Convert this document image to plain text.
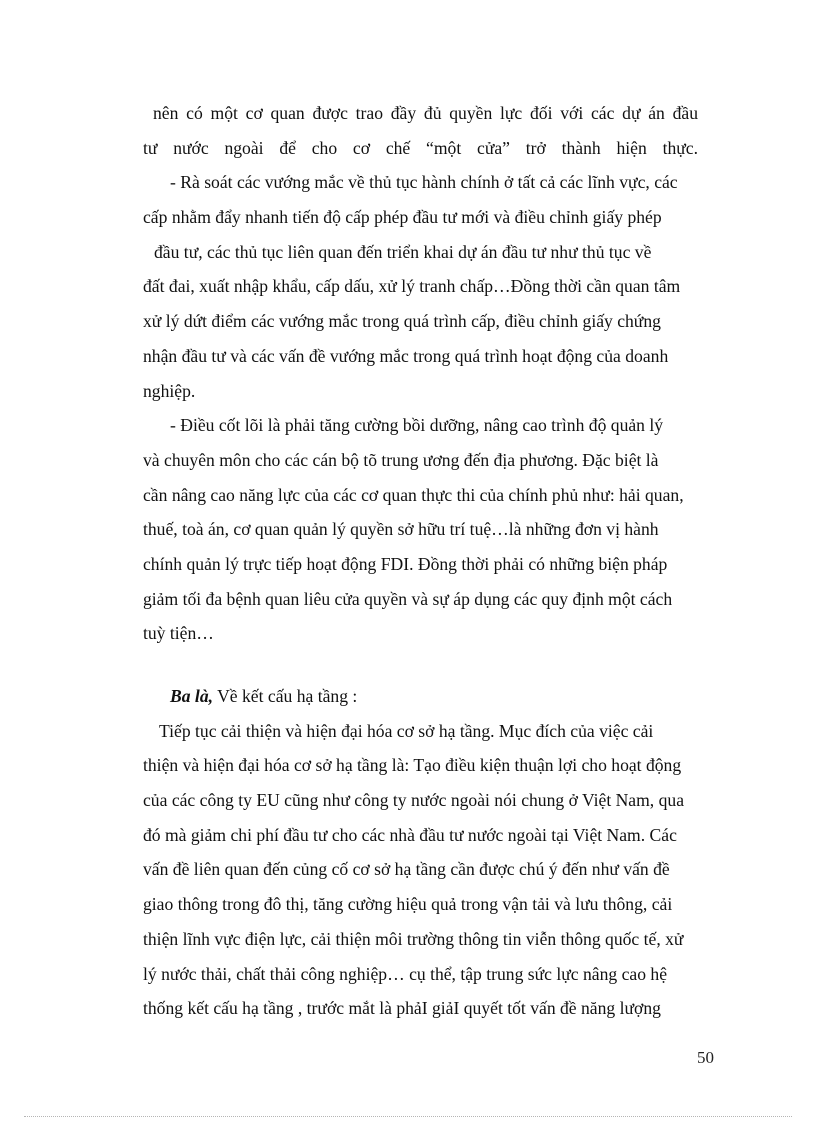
nên có một cơ quan được trao đầy đủ quyền lực đối với các dự án đầu
tư nước ngoài để cho cơ chế “một cửa” trở thành hiện thực.
- Rà soát các vướng mắc về thủ tục hành chính ở tất cả các lĩnh vực, các
cấp nhằm đẩy nhanh tiến độ cấp phép đầu tư mới và điều chỉnh giấy phép
đầu tư, các thủ tục liên quan đến triển khai dự án đầu tư như thủ tục về
đất đai, xuất nhập khẩu, cấp dấu, xử lý tranh chấp…Đồng thời cần quan tâm
xử lý dứt điểm các vướng mắc trong quá trình cấp, điều chỉnh giấy chứng
nhận đầu tư và các vấn đề vướng mắc trong quá trình hoạt động của doanh
nghiệp.
- Điều cốt lõi là phải tăng cường bồi dưỡng, nâng cao trình độ quản lý
và chuyên môn cho các cán bộ tõ trung ương đến địa phương. Đặc biệt là
cần nâng cao năng lực của các cơ quan thực thi của chính phủ như: hải quan,
thuế, toà án, cơ quan quản lý quyền sở hữu trí tuệ…là những đơn vị hành
chính quản lý trực tiếp hoạt động FDI. Đồng thời phải có những biện pháp
giảm tối đa bệnh quan liêu cửa quyền và sự áp dụng các quy định một cách
tuỳ tiện…
Ba là, Về kết cấu hạ tầng :
Tiếp tục cải thiện và hiện đại hóa cơ sở hạ tầng. Mục đích của việc cải
thiện và hiện đại hóa cơ sở hạ tầng là: Tạo điều kiện thuận lợi cho hoạt động
của các công ty EU cũng như công ty nước ngoài nói chung ở Việt Nam, qua
đó mà giảm chi phí đầu tư cho các nhà đầu tư nước ngoài tại Việt Nam. Các
vấn đề liên quan đến củng cố cơ sở hạ tầng cần được chú ý đến như vấn đề
giao thông trong đô thị, tăng cường hiệu quả trong vận tải và lưu thông, cải
thiện lĩnh vực điện lực, cải thiện môi trường thông tin viễn thông quốc tế, xử
lý nước thải, chất thải công nghiệp… cụ thể, tập trung sức lực nâng cao hệ
thống kết cấu hạ tầng , trước mắt là phảI giảI quyết tốt vấn đề năng lượng
50
